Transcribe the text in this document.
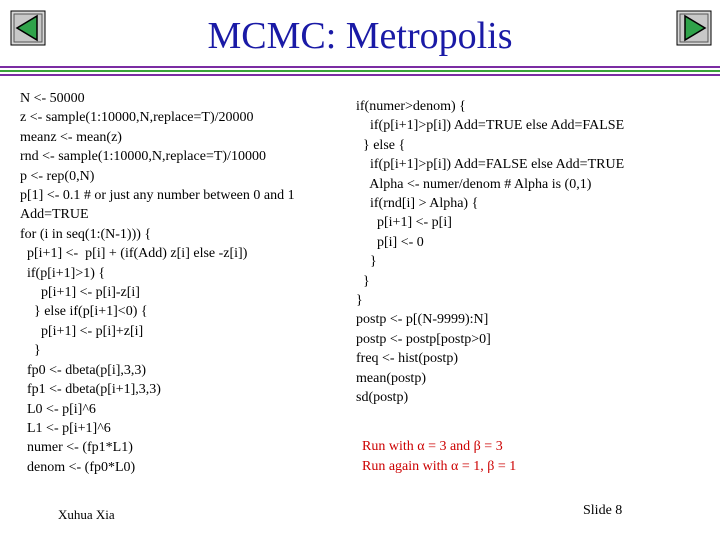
MCMC: Metropolis
N <- 50000
z <- sample(1:10000,N,replace=T)/20000
meanz <- mean(z)
rnd <- sample(1:10000,N,replace=T)/10000
p <- rep(0,N)
p[1] <- 0.1 # or just any number between 0 and 1
Add=TRUE
for (i in seq(1:(N-1))) {
p[i+1] <-  p[i] + (if(Add) z[i] else -z[i])
if(p[i+1]>1) {
p[i+1] <- p[i]-z[i]
} else if(p[i+1]<0) {
p[i+1] <- p[i]+z[i]
}
fp0 <- dbeta(p[i],3,3)
fp1 <- dbeta(p[i+1],3,3)
L0 <- p[i]^6
L1 <- p[i+1]^6
numer <- (fp1*L1)
denom <- (fp0*L0)
if(numer>denom) {
if(p[i+1]>p[i]) Add=TRUE else Add=FALSE
} else {
if(p[i+1]>p[i]) Add=FALSE else Add=TRUE
Alpha <- numer/denom # Alpha is (0,1)
if(rnd[i] > Alpha) {
p[i+1] <- p[i]
p[i] <- 0
}
}
}
postp <- p[(N-9999):N]
postp <- postp[postp>0]
freq <- hist(postp)
mean(postp)
sd(postp)
Run with α = 3 and β = 3
Run again with α = 1, β = 1
Xuhua Xia	Slide 8
